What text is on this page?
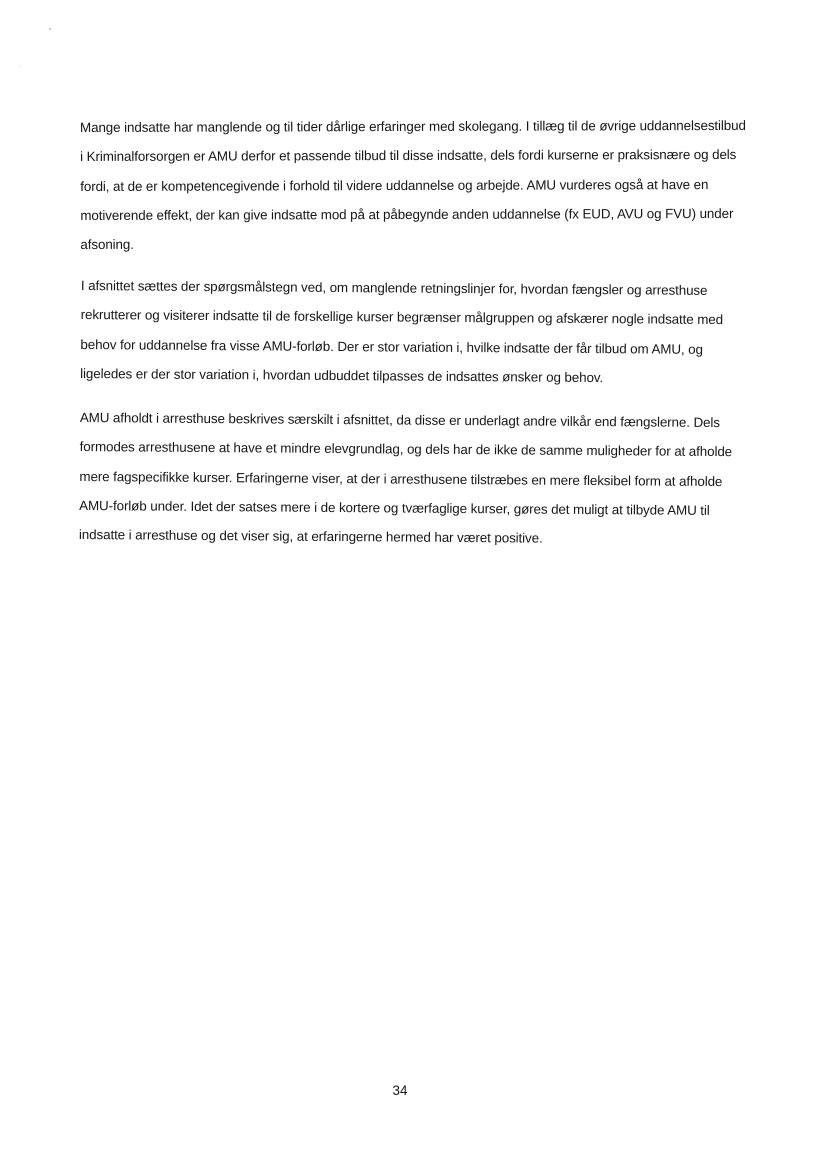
Mange indsatte har manglende og til tider dårlige erfaringer med skolegang. I tillæg til de øvrige uddannelsestilbud i Kriminalforsorgen er AMU derfor et passende tilbud til disse indsatte, dels fordi kurserne er praksisnære og dels fordi, at de er kompetencegivende i forhold til videre uddannelse og arbejde. AMU vurderes også at have en motiverende effekt, der kan give indsatte mod på at påbegynde anden uddannelse (fx EUD, AVU og FVU) under afsoning.

I afsnittet sættes der spørgsmålstegn ved, om manglende retningslinjer for, hvordan fængsler og arresthuse rekrutterer og visiterer indsatte til de forskellige kurser begrænser målgruppen og afskærer nogle indsatte med behov for uddannelse fra visse AMU-forløb. Der er stor variation i, hvilke indsatte der får tilbud om AMU, og ligeledes er der stor variation i, hvordan udbuddet tilpasses de indsattes ønsker og behov.

AMU afholdt i arresthuse beskrives særskilt i afsnittet, da disse er underlagt andre vilkår end fængslerne. Dels formodes arresthusene at have et mindre elevgrundlag, og dels har de ikke de samme muligheder for at afholde mere fagspecifikke kurser. Erfaringerne viser, at der i arresthusene tilstræbes en mere fleksibel form at afholde AMU-forløb under. Idet der satses mere i de kortere og tværfaglige kurser, gøres det muligt at tilbyde AMU til indsatte i arresthuse og det viser sig, at erfaringerne hermed har været positive.

34
